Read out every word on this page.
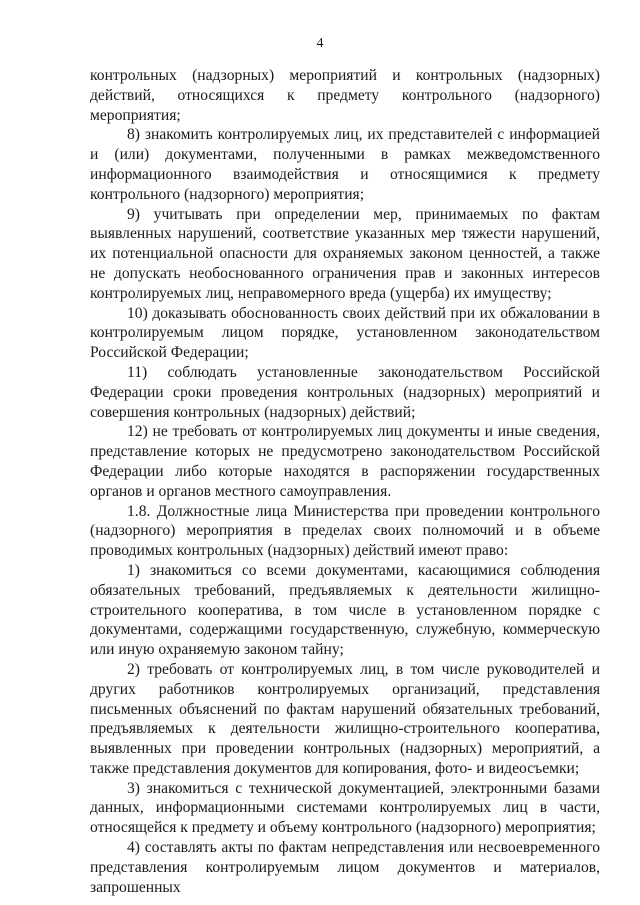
4

контрольных (надзорных) мероприятий и контрольных (надзорных) действий, относящихся к предмету контрольного (надзорного) мероприятия;

8) знакомить контролируемых лиц, их представителей с информацией и (или) документами, полученными в рамках межведомственного информационного взаимодействия и относящимися к предмету контрольного (надзорного) мероприятия;

9) учитывать при определении мер, принимаемых по фактам выявленных нарушений, соответствие указанных мер тяжести нарушений, их потенциальной опасности для охраняемых законом ценностей, а также не допускать необоснованного ограничения прав и законных интересов контролируемых лиц, неправомерного вреда (ущерба) их имуществу;

10) доказывать обоснованность своих действий при их обжаловании в контролируемым лицом порядке, установленном законодательством Российской Федерации;

11) соблюдать установленные законодательством Российской Федерации сроки проведения контрольных (надзорных) мероприятий и совершения контрольных (надзорных) действий;

12) не требовать от контролируемых лиц документы и иные сведения, представление которых не предусмотрено законодательством Российской Федерации либо которые находятся в распоряжении государственных органов и органов местного самоуправления.

1.8. Должностные лица Министерства при проведении контрольного (надзорного) мероприятия в пределах своих полномочий и в объеме проводимых контрольных (надзорных) действий имеют право:

1) знакомиться со всеми документами, касающимися соблюдения обязательных требований, предъявляемых к деятельности жилищно-строительного кооператива, в том числе в установленном порядке с документами, содержащими государственную, служебную, коммерческую или иную охраняемую законом тайну;

2) требовать от контролируемых лиц, в том числе руководителей и других работников контролируемых организаций, представления письменных объяснений по фактам нарушений обязательных требований, предъявляемых к деятельности жилищно-строительного кооператива, выявленных при проведении контрольных (надзорных) мероприятий, а также представления документов для копирования, фото- и видеосъемки;

3) знакомиться с технической документацией, электронными базами данных, информационными системами контролируемых лиц в части, относящейся к предмету и объему контрольного (надзорного) мероприятия;

4) составлять акты по фактам непредставления или несвоевременного представления контролируемым лицом документов и материалов, запрошенных
